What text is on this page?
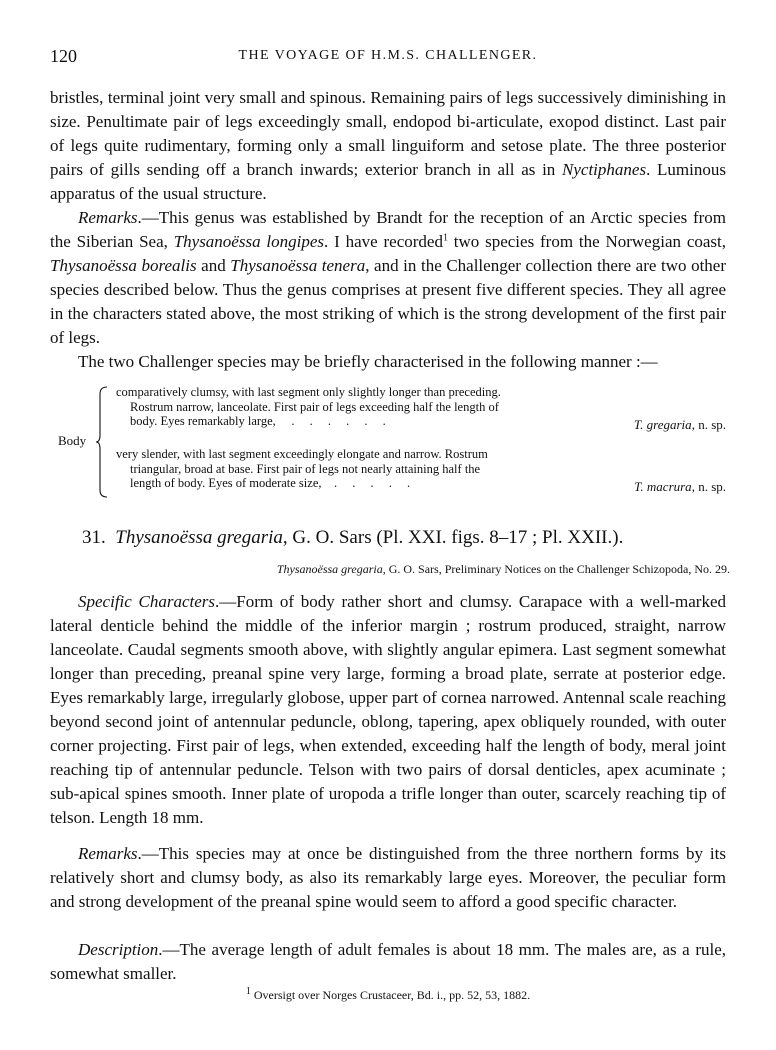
120	THE VOYAGE OF H.M.S. CHALLENGER.

bristles, terminal joint very small and spinous. Remaining pairs of legs successively diminishing in size. Penultimate pair of legs exceedingly small, endopod bi-articulate, exopod distinct. Last pair of legs quite rudimentary, forming only a small linguiform and setose plate. The three posterior pairs of gills sending off a branch inwards; exterior branch in all as in Nyctiphanes. Luminous apparatus of the usual structure.

Remarks.—This genus was established by Brandt for the reception of an Arctic species from the Siberian Sea, Thysanoëssa longipes. I have recorded$^1$ two species from the Norwegian coast, Thysanoëssa borealis and Thysanoëssa tenera, and in the Challenger collection there are two other species described below. Thus the genus comprises at present five different species. They all agree in the characters stated above, the most striking of which is the strong development of the first pair of legs.

The two Challenger species may be briefly characterised in the following manner :—

Body
comparatively clumsy, with last segment only slightly longer than preceding.
Rostrum narrow, lanceolate. First pair of legs exceeding half the length of
body. Eyes remarkably large, . . . . . .	T. gregaria, n. sp.
very slender, with last segment exceedingly elongate and narrow. Rostrum
triangular, broad at base. First pair of legs not nearly attaining half the
length of body. Eyes of moderate size, . . . . .	T. macrura, n. sp.
31. Thysanoëssa gregaria, G. O. Sars (Pl. XXI. figs. 8–17 ; Pl. XXII.).
Thysanoëssa gregaria, G. O. Sars, Preliminary Notices on the Challenger Schizopoda, No. 29.

Specific Characters.—Form of body rather short and clumsy. Carapace with a well-marked lateral denticle behind the middle of the inferior margin ; rostrum produced, straight, narrow lanceolate. Caudal segments smooth above, with slightly angular epimera. Last segment somewhat longer than preceding, preanal spine very large, forming a broad plate, serrate at posterior edge. Eyes remarkably large, irregularly globose, upper part of cornea narrowed. Antennal scale reaching beyond second joint of antennular peduncle, oblong, tapering, apex obliquely rounded, with outer corner projecting. First pair of legs, when extended, exceeding half the length of body, meral joint reaching tip of antennular peduncle. Telson with two pairs of dorsal denticles, apex acuminate ; sub-apical spines smooth. Inner plate of uropoda a trifle longer than outer, scarcely reaching tip of telson. Length 18 mm.

Remarks.—This species may at once be distinguished from the three northern forms by its relatively short and clumsy body, as also its remarkably large eyes. Moreover, the peculiar form and strong development of the preanal spine would seem to afford a good specific character.

Description.—The average length of adult females is about 18 mm. The males are, as a rule, somewhat smaller.

$^1$ Oversigt over Norges Crustaceer, Bd. i., pp. 52, 53, 1882.
